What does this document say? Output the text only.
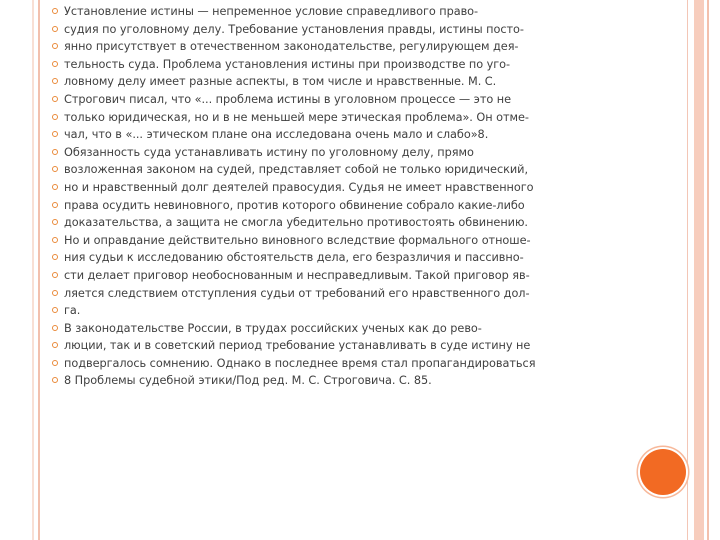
Установление истины — непременное условие справедливого право-
судия по уголовному делу. Требование установления правды, истины посто-
янно присутствует в отечественном законодательстве, регулирующем дея-
тельность суда. Проблема установления истины при производстве по уго-
ловному делу имеет разные аспекты, в том числе и нравственные. М. С.
Строгович писал, что «... проблема истины в уголовном процессе — это не
только юридическая, но и в не меньшей мере этическая проблема». Он отме-
чал, что в «... этическом плане она исследована очень мало и слабо»8.
Обязанность суда устанавливать истину по уголовному делу, прямо
возложенная законом на судей, представляет собой не только юридический,
но и нравственный долг деятелей правосудия. Судья не имеет нравственного
права осудить невиновного, против которого обвинение собрало какие-либо
доказательства, а защита не смогла убедительно противостоять обвинению.
Но и оправдание действительно виновного вследствие формального отноше-
ния судьи к исследованию обстоятельств дела, его безразличия и пассивно-
сти делает приговор необоснованным и несправедливым. Такой приговор яв-
ляется следствием отступления судьи от требований его нравственного дол-
га.
В законодательстве России, в трудах российских ученых как до рево-
люции, так и в советский период требование устанавливать в суде истину не
подвергалось сомнению. Однако в последнее время стал пропагандироваться
8 Проблемы судебной этики/Под ред. М. С. Строговича. С. 85.
